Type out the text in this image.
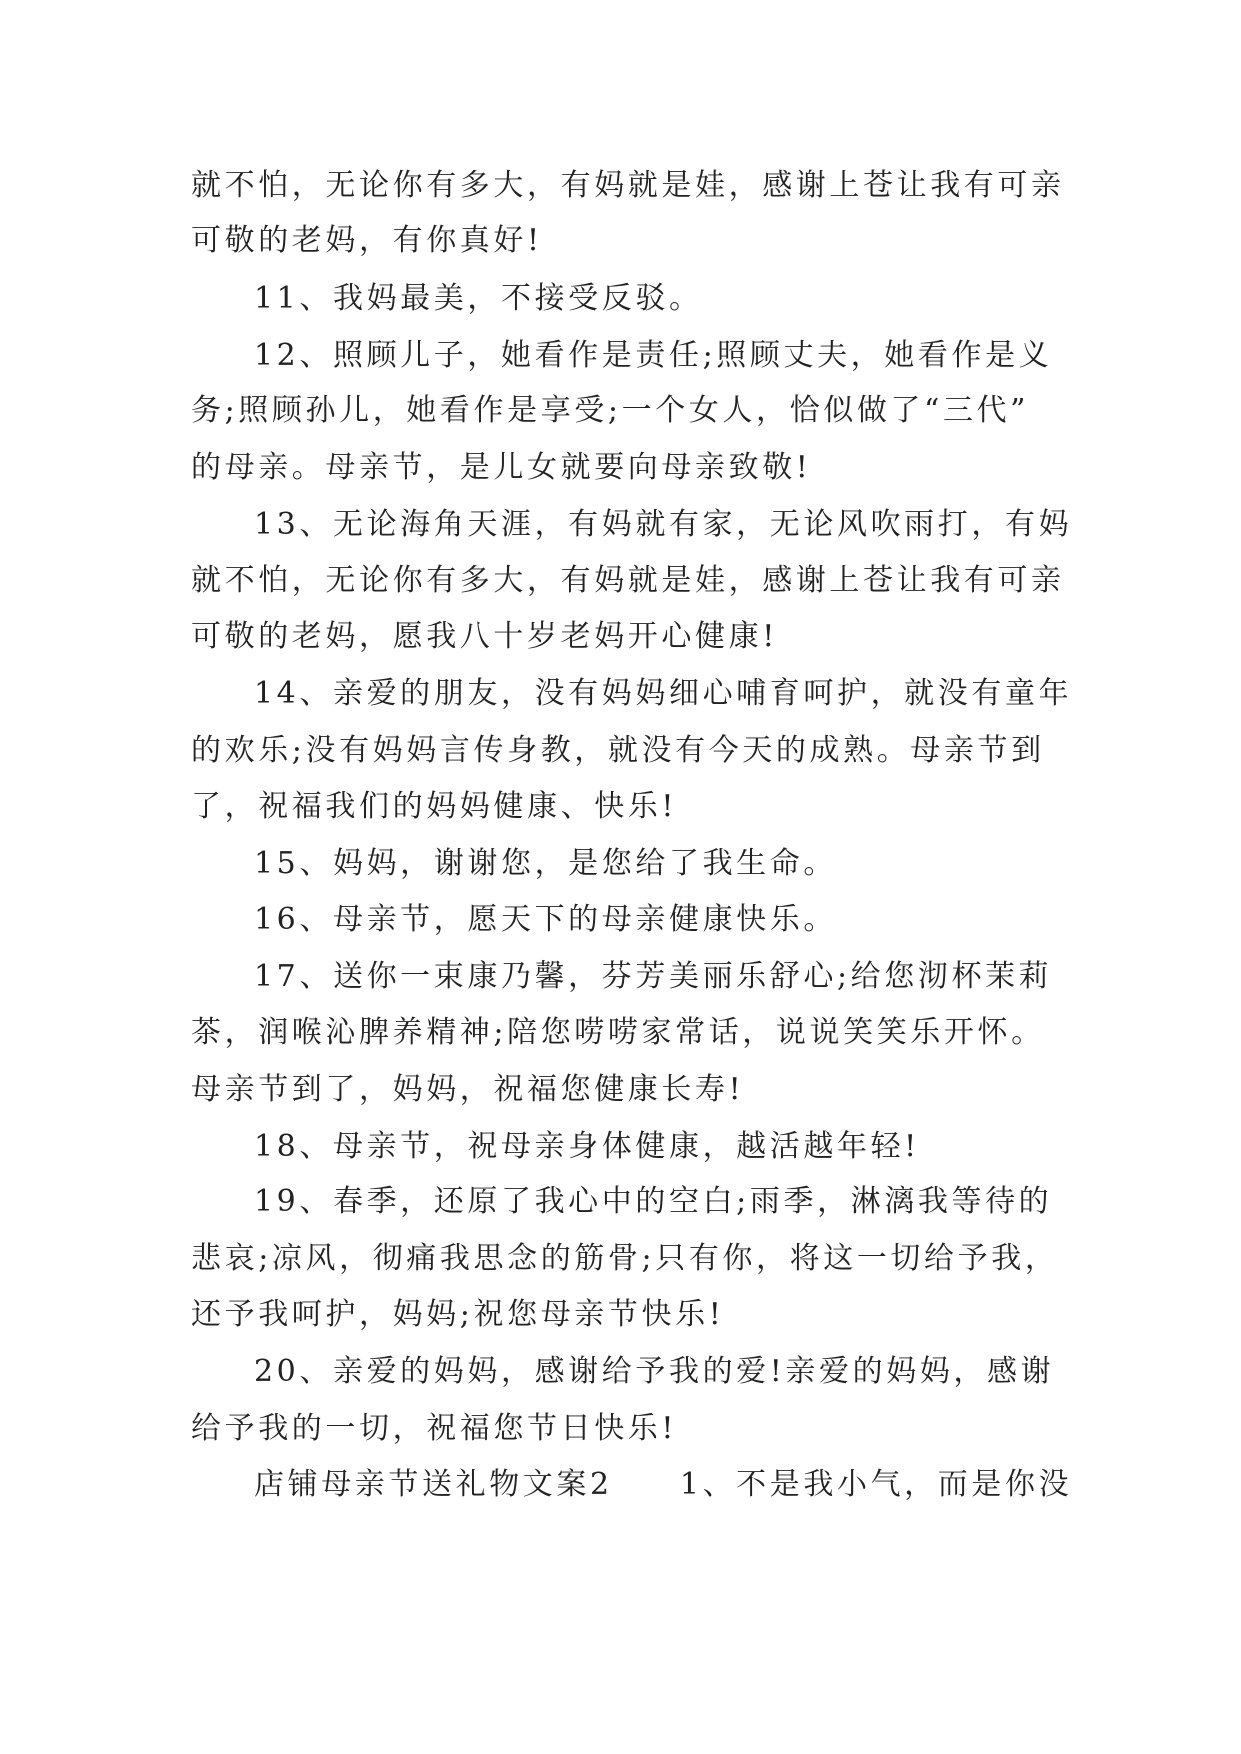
就不怕，无论你有多大，有妈就是娃，感谢上苍让我有可亲
可敬的老妈，有你真好!
11、我妈最美，不接受反驳。
12、照顾儿子，她看作是责任;照顾丈夫，她看作是义
务;照顾孙儿，她看作是享受;一个女人，恰似做了“三代”
的母亲。母亲节，是儿女就要向母亲致敬!
13、无论海角天涯，有妈就有家，无论风吹雨打，有妈
就不怕，无论你有多大，有妈就是娃，感谢上苍让我有可亲
可敬的老妈，愿我八十岁老妈开心健康!
14、亲爱的朋友，没有妈妈细心哺育呵护，就没有童年
的欢乐;没有妈妈言传身教，就没有今天的成熟。母亲节到
了，祝福我们的妈妈健康、快乐!
15、妈妈，谢谢您，是您给了我生命。
16、母亲节，愿天下的母亲健康快乐。
17、送你一束康乃馨，芬芳美丽乐舒心;给您沏杯茉莉
茶，润喉沁脾养精神;陪您唠唠家常话，说说笑笑乐开怀。
母亲节到了，妈妈，祝福您健康长寿!
18、母亲节，祝母亲身体健康，越活越年轻!
19、春季，还原了我心中的空白;雨季，淋漓我等待的
悲哀;凉风，彻痛我思念的筋骨;只有你，将这一切给予我，
还予我呵护，妈妈;祝您母亲节快乐!
20、亲爱的妈妈，感谢给予我的爱!亲爱的妈妈，感谢
给予我的一切，祝福您节日快乐!
店铺母亲节送礼物文案2　　1、不是我小气，而是你没
